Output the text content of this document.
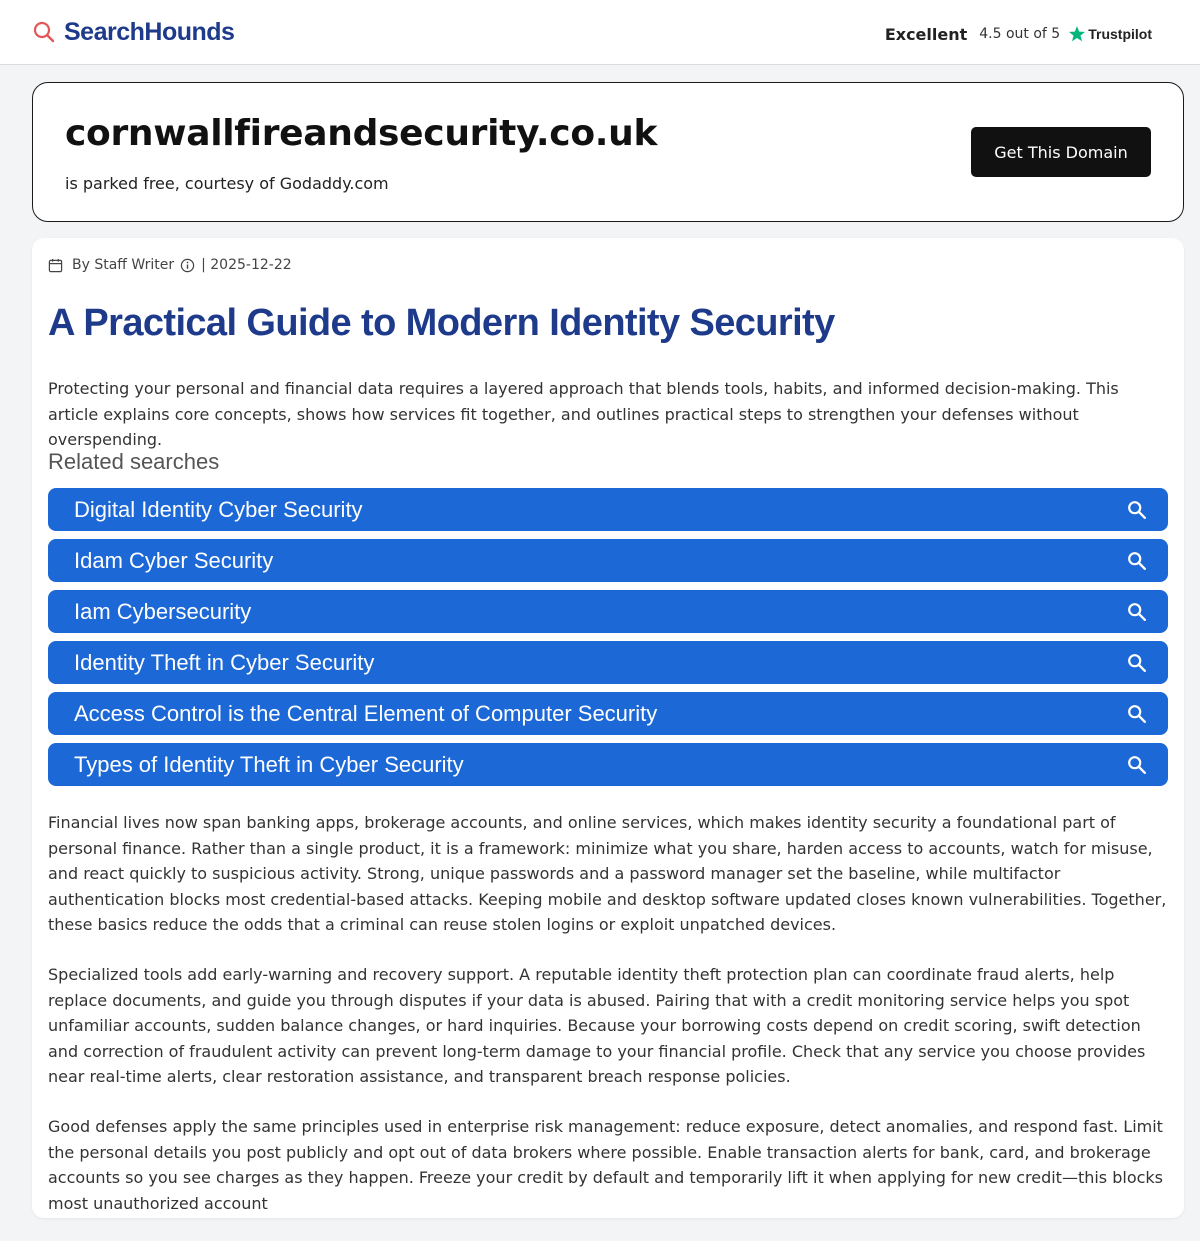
SearchHounds	Excellent 4.5 out of 5 Trustpilot
cornwallfireandsecurity.co.uk
is parked free, courtesy of Godaddy.com
Get This Domain
By Staff Writer | 2025-12-22
A Practical Guide to Modern Identity Security

Protecting your personal and financial data requires a layered approach that blends tools, habits, and informed decision-making. This article explains core concepts, shows how services fit together, and outlines practical steps to strengthen your defenses without overspending.

Related searches
Digital Identity Cyber Security
Idam Cyber Security
Iam Cybersecurity
Identity Theft in Cyber Security
Access Control is the Central Element of Computer Security
Types of Identity Theft in Cyber Security

Financial lives now span banking apps, brokerage accounts, and online services, which makes identity security a foundational part of personal finance. Rather than a single product, it is a framework: minimize what you share, harden access to accounts, watch for misuse, and react quickly to suspicious activity. Strong, unique passwords and a password manager set the baseline, while multifactor authentication blocks most credential-based attacks. Keeping mobile and desktop software updated closes known vulnerabilities. Together, these basics reduce the odds that a criminal can reuse stolen logins or exploit unpatched devices.

Specialized tools add early-warning and recovery support. A reputable identity theft protection plan can coordinate fraud alerts, help replace documents, and guide you through disputes if your data is abused. Pairing that with a credit monitoring service helps you spot unfamiliar accounts, sudden balance changes, or hard inquiries. Because your borrowing costs depend on credit scoring, swift detection and correction of fraudulent activity can prevent long-term damage to your financial profile. Check that any service you choose provides near real-time alerts, clear restoration assistance, and transparent breach response policies.

Good defenses apply the same principles used in enterprise risk management: reduce exposure, detect anomalies, and respond fast. Limit the personal details you post publicly and opt out of data brokers where possible. Enable transaction alerts for bank, card, and brokerage accounts so you see charges as they happen. Freeze your credit by default and temporarily lift it when applying for new credit—this blocks most unauthorized account
